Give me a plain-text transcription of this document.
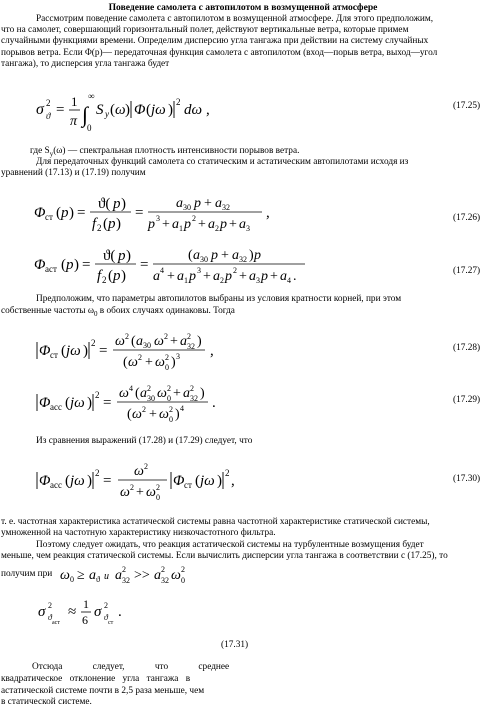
Поведение самолета с автопилотом в возмущенной атмосфере
Рассмотрим поведение самолета с автопилотом в возмущенной атмосфере. Для этого предположим,
что на самолет, совершающий горизонтальный полет, действуют вертикальные ветра, которые примем
случайными функциями времени. Определим дисперсию угла тангажа при действии на систему случайных
порывов ветра. Если Φ(p)— передаточная функция самолета с автопилотом (вход—порыв ветра, выход—угол
тангажа), то дисперсия угла тангажа будет
σ 2
ϑ =
1
π ∫
∞
0
S y ( ω ) Φ ( jω ) 2 dω ,	(17.25)
где $S_y(\omega)$ — спектральная плотность интенсивности порывов ветра.
Для передаточных функций самолета со статическим и астатическим автопилотами исходя из
уравнений (17.13) и (17.19) получим
Φ ст ( p ) =
ϑ( p )
f 2 ( p )
=
a 30 p + a 32
p 3 + a 1 p 2 + a 2 p + a 3
,	(17.26)
Φ аст ( p ) =
ϑ( p )
f 2 ( p )
=
( a 30 p + a 32 ) p
a 4 + a 1 p 3 + a 2 p 2 + a 3 p + a 4 .	(17.27)
Предположим, что параметры автопилотов выбраны из условия кратности корней, при этом
собственные частоты $\omega_0$ в обоих случаях одинаковы. Тогда
Φ ст ( jω ) 2 =
ω 2 ( a 30 ω 2 + a 2
32 )
( ω 2 + ω 2
0 ) 3 ,	(17.28)
Φ асс ( jω ) 2 =
ω 4 ( a 2
30 ω 2
0 + a 2
32 )
( ω 2 + ω 2
0 ) 4 .	(17.29)
Из сравнения выражений (17.28) и (17.29) следует, что
Φ асс ( jω ) 2 =
ω 2
ω 2 + ω 2
0
Φ ст ( jω ) 2 ,	(17.30)
т. е. частотная характеристика астатической системы равна частотной характеристике статической системы,
умноженной на частотную характеристику низкочастотного фильтра.
Поэтому следует ожидать, что реакция астатической системы на турбулентные возмущения будет
меньше, чем реакция статической системы. Если вычислить дисперсии угла тангажа в соответствии с (17.25), то
получим при ω 0 ≥ a ϑ и a 2
32 >> a 2
32 ω 2
0
σ 2
ϑ
аст
≈ 1
6 σ 2
ϑ
ст
.
(17.31)
Отсюда следует, что среднее
квадратическое отклонение угла тангажа в
астатической системе почти в 2,5 раза меньше, чем
в статической системе.
